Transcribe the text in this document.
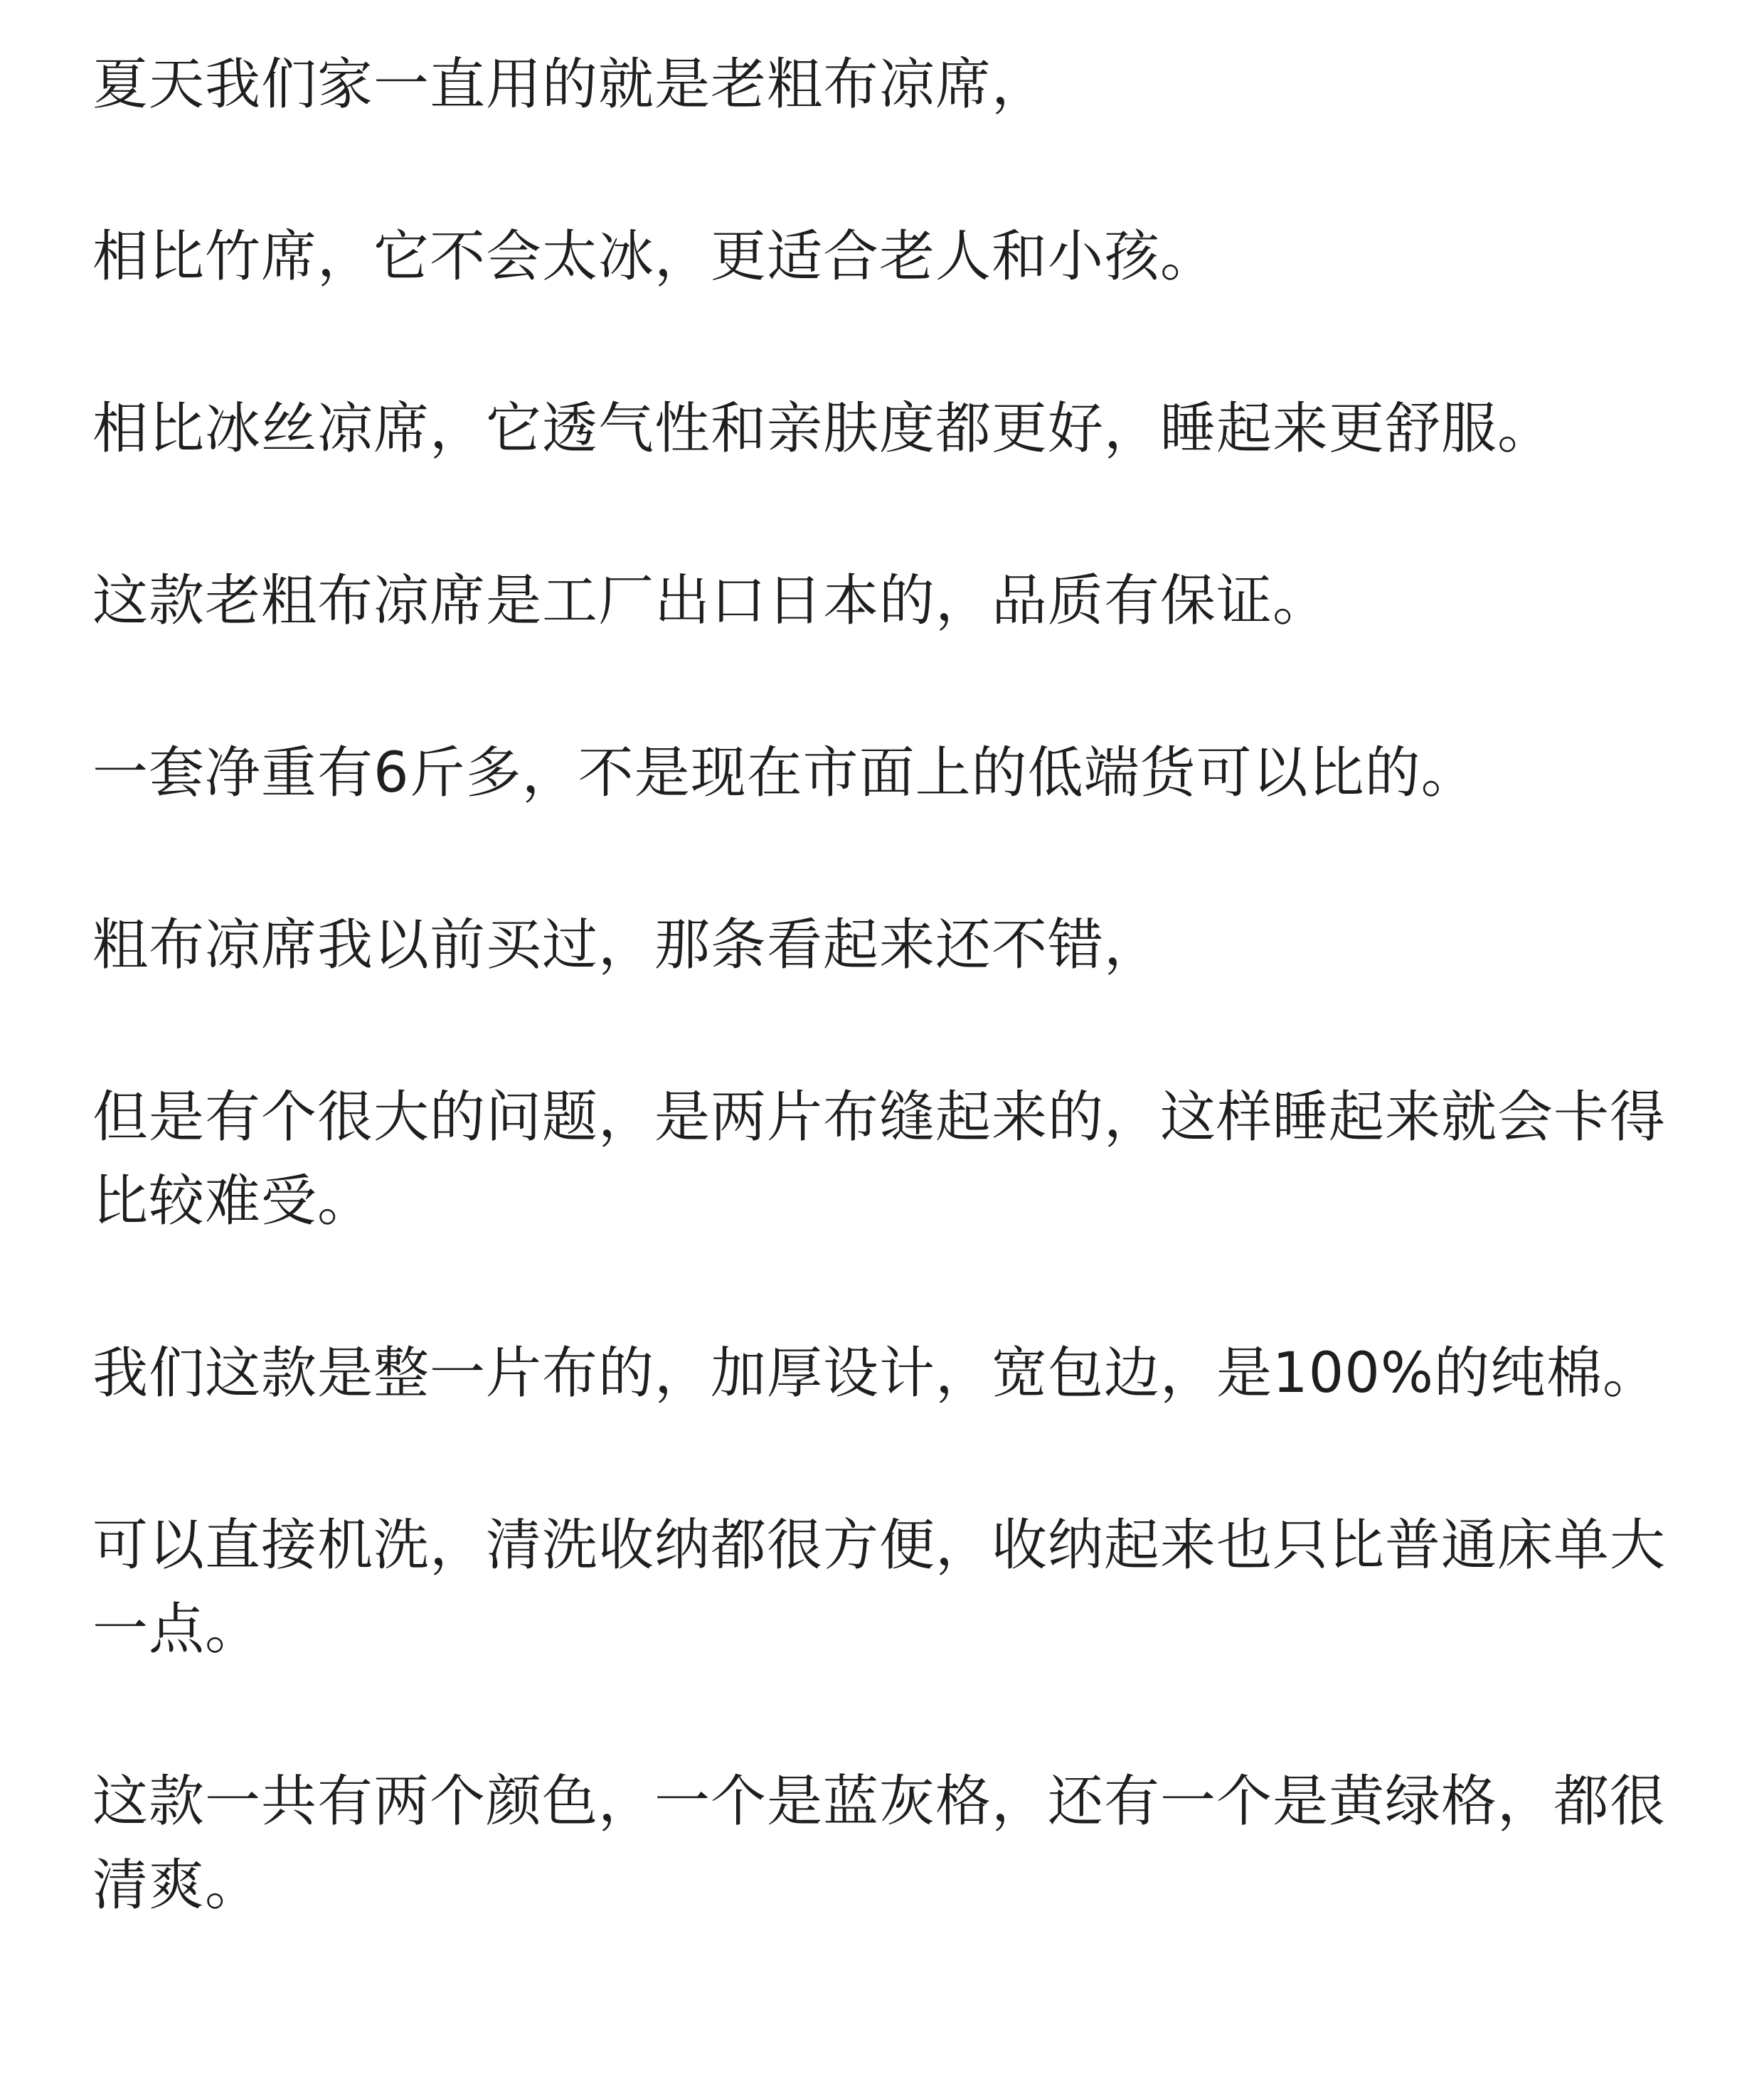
夏天我们家一直用的就是老粗布凉席，

相比竹席，它不会太冰，更适合老人和小孩。

相比冰丝凉席，它透气性和亲肤度都更好，睡起来更舒服。

这款老粗布凉席是工厂出口日本的，品质有保证。

一套净重有6斤多，不是现在市面上的低端货可以比的。

粗布凉席我以前买过，那条看起来还不错，

但是有个很大的问题，是两片布缝起来的，这样睡起来就会卡得比较难受。

我们这款是整一片布的，加厚设计，宽包边，是100%的纯棉。

可以直接机洗，清洗收纳都很方便，收纳起来也只比普通床单大一点。

这款一共有两个颜色，一个是蓝灰格，还有一个是黄绿格，都很清爽。
